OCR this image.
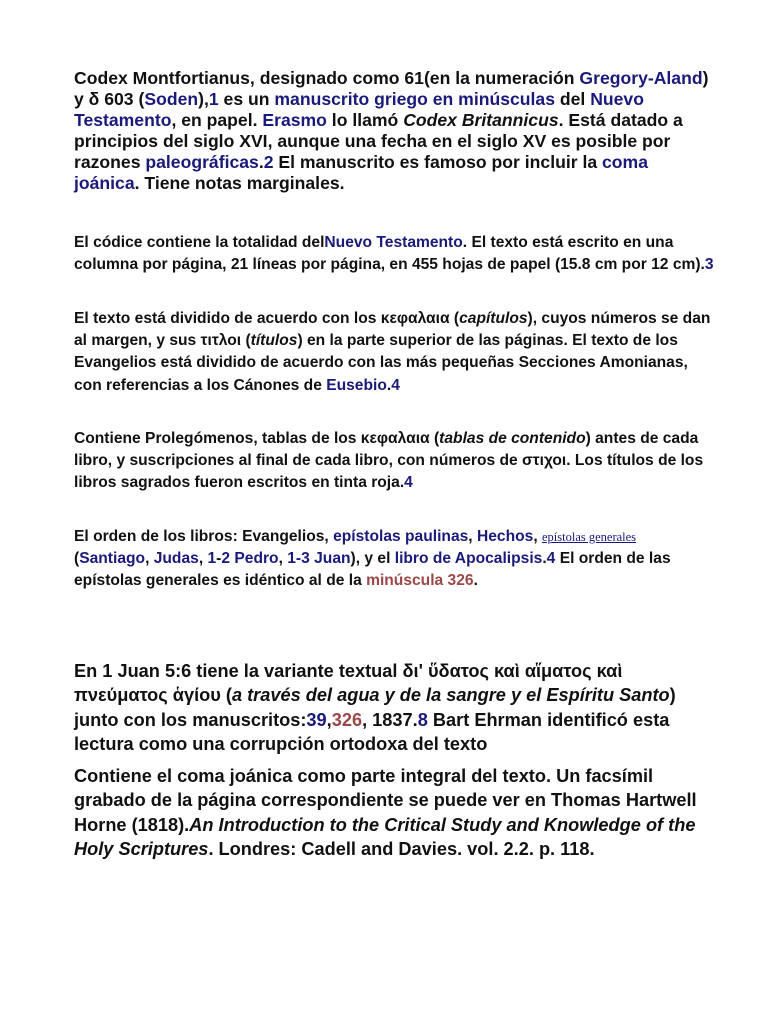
Codex Montfortianus, designado como 61(en la numeración Gregory-Aland) y δ 603 (Soden),1 es un manuscrito griego en minúsculas del Nuevo Testamento, en papel. Erasmo lo llamó Codex Britannicus. Está datado a principios del siglo XVI, aunque una fecha en el siglo XV es posible por razones paleográficas.2 El manuscrito es famoso por incluir la coma joánica. Tiene notas marginales.

El códice contiene la totalidad delNuevo Testamento. El texto está escrito en una columna por página, 21 líneas por página, en 455 hojas de papel (15.8 cm por 12 cm).3

El texto está dividido de acuerdo con los κεφαλαια (capítulos), cuyos números se dan al margen, y sus τιτλοι (títulos) en la parte superior de las páginas. El texto de los Evangelios está dividido de acuerdo con las más pequeñas Secciones Amonianas, con referencias a los Cánones de Eusebio.4

Contiene Prolegómenos, tablas de los κεφαλαια (tablas de contenido) antes de cada libro, y suscripciones al final de cada libro, con números de στιχοι. Los títulos de los libros sagrados fueron escritos en tinta roja.4

El orden de los libros: Evangelios, epístolas paulinas, Hechos, epístolas generales (Santiago, Judas, 1-2 Pedro, 1-3 Juan), y el libro de Apocalipsis.4 El orden de las epístolas generales es idéntico al de la minúscula 326.

En 1 Juan 5:6 tiene la variante textual δι' ὕδατος καὶ αἵματος καὶ πνεύματος ἁγίου (a través del agua y de la sangre y el Espíritu Santo) junto con los manuscritos:39,326, 1837.8 Bart Ehrman identificó esta lectura como una corrupción ortodoxa del texto

Contiene el coma joánica como parte integral del texto. Un facsímil grabado de la página correspondiente se puede ver en Thomas Hartwell Horne (1818).An Introduction to the Critical Study and Knowledge of the Holy Scriptures. Londres: Cadell and Davies. vol. 2.2. p. 118.
